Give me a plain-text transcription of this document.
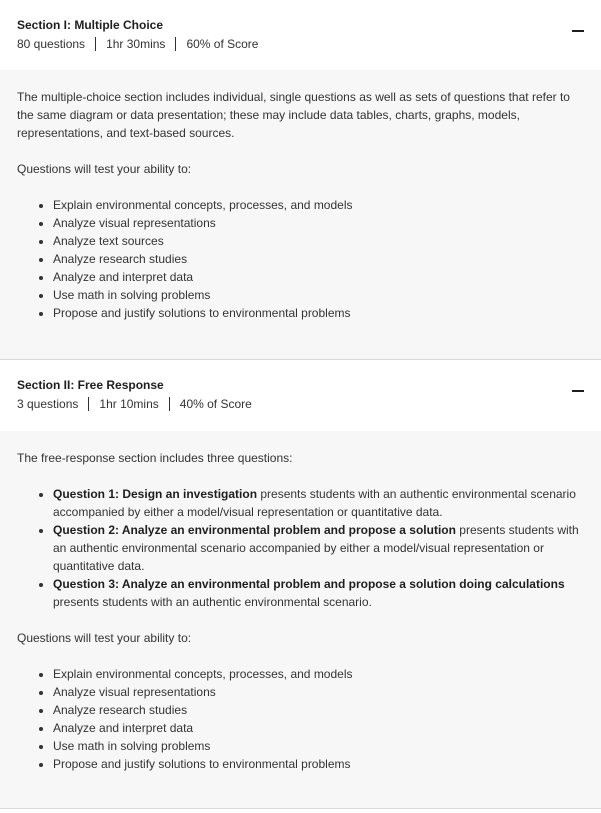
Section I: Multiple Choice
80 questions 1hr 30mins 60% of Score

The multiple-choice section includes individual, single questions as well as sets of questions that refer to the same diagram or data presentation; these may include data tables, charts, graphs, models, representations, and text-based sources.

Questions will test your ability to:

• Explain environmental concepts, processes, and models
• Analyze visual representations
• Analyze text sources
• Analyze research studies
• Analyze and interpret data
• Use math in solving problems
• Propose and justify solutions to environmental problems
Section II: Free Response
3 questions 1hr 10mins 40% of Score

The free-response section includes three questions:

• Question 1: Design an investigation presents students with an authentic environmental scenario accompanied by either a model/visual representation or quantitative data.
• Question 2: Analyze an environmental problem and propose a solution presents students with an authentic environmental scenario accompanied by either a model/visual representation or quantitative data.
• Question 3: Analyze an environmental problem and propose a solution doing calculations presents students with an authentic environmental scenario.

Questions will test your ability to:

• Explain environmental concepts, processes, and models
• Analyze visual representations
• Analyze research studies
• Analyze and interpret data
• Use math in solving problems
• Propose and justify solutions to environmental problems
